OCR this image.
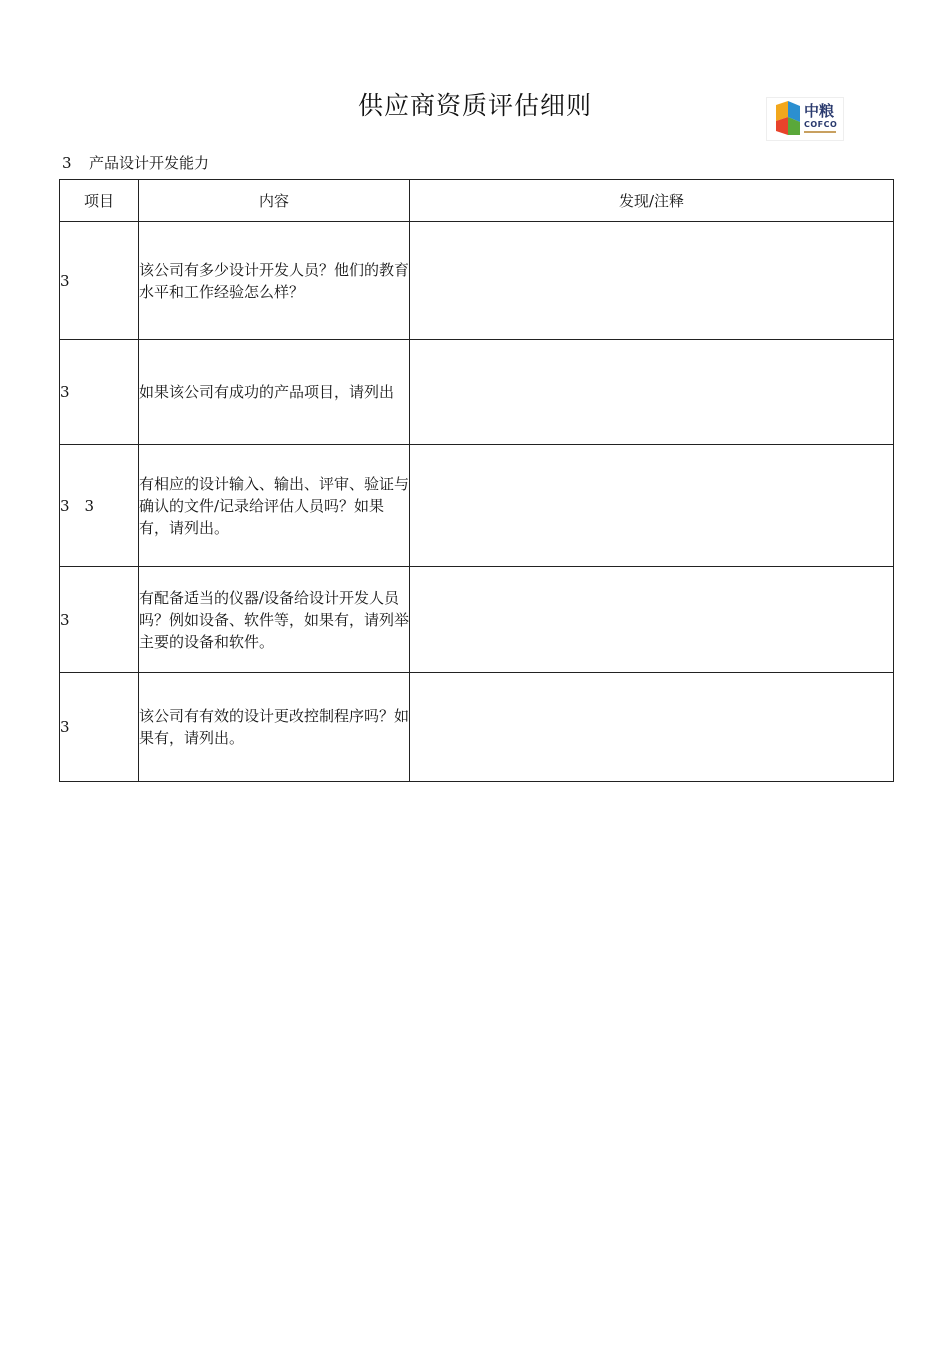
供应商资质评估细则	中粮
COFCO
3 产品设计开发能力
项目	内容	发现/注释
3	该公司有多少设计开发人员？他们的教育水平和工作经验怎么样？	
3	如果该公司有成功的产品项目，请列出	
3　3	有相应的设计输入、输出、评审、验证与确认的文件/记录给评估人员吗？如果有，请列出。	
3	有配备适当的仪器/设备给设计开发人员吗？例如设备、软件等，如果有，请列举主要的设备和软件。	
3	该公司有有效的设计更改控制程序吗？如果有，请列出。	
